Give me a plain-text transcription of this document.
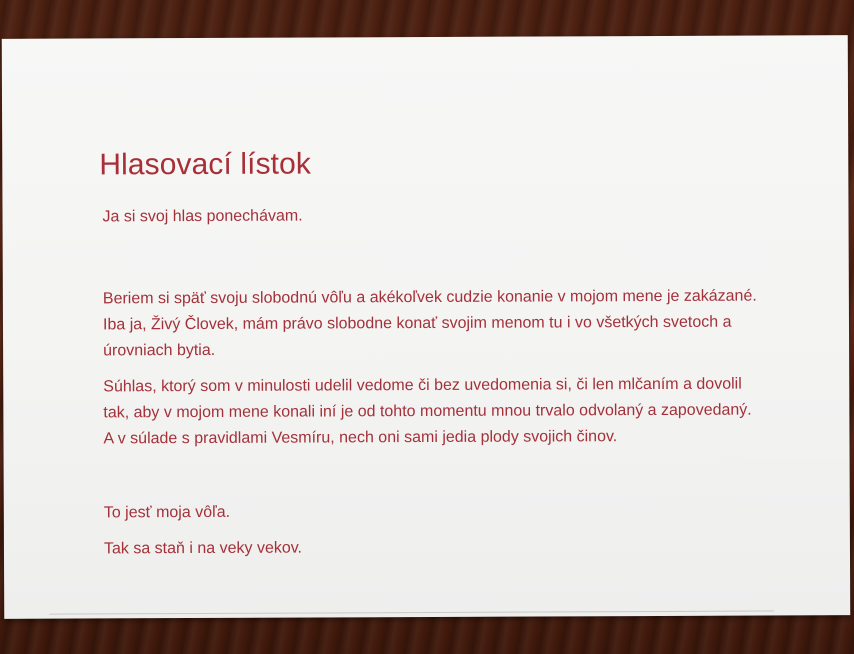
Hlasovací lístok

Ja si svoj hlas ponechávam.

Beriem si späť svoju slobodnú vôľu a akékoľvek cudzie konanie v mojom mene je zakázané. Iba ja, Živý Človek, mám právo slobodne konať svojim menom tu i vo všetkých svetoch a úrovniach bytia.

Súhlas, ktorý som v minulosti udelil vedome či bez uvedomenia si, či len mlčaním a dovolil tak, aby v mojom mene konali iní je od tohto momentu mnou trvalo odvolaný a zapovedaný. A v súlade s pravidlami Vesmíru, nech oni sami jedia plody svojich činov.

To jesť moja vôľa.

Tak sa staň i na veky vekov.
